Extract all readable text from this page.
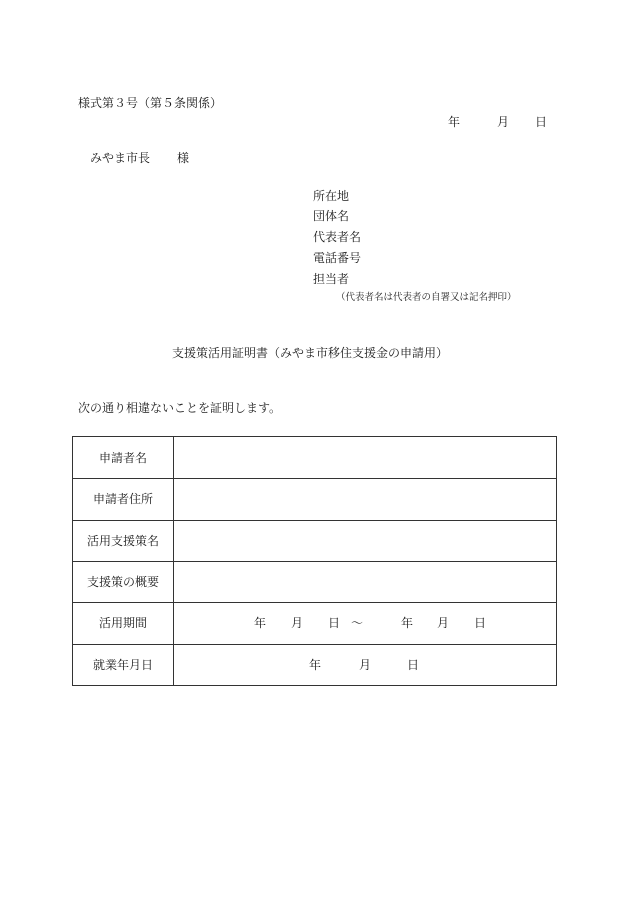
様式第３号（第５条関係）
年	月 日
みやま市長 様
所在地
団体名
代表者名
電話番号
担当者
（代表者名は代表者の自署又は記名押印）
支援策活用証明書（みやま市移住支援金の申請用）
次の通り相違ないことを証明します。
申請者名
申請者住所
活用支援策名
支援策の概要
活用期間	年 月 日 ～	年 月 日
就業年月日	年	月	日
